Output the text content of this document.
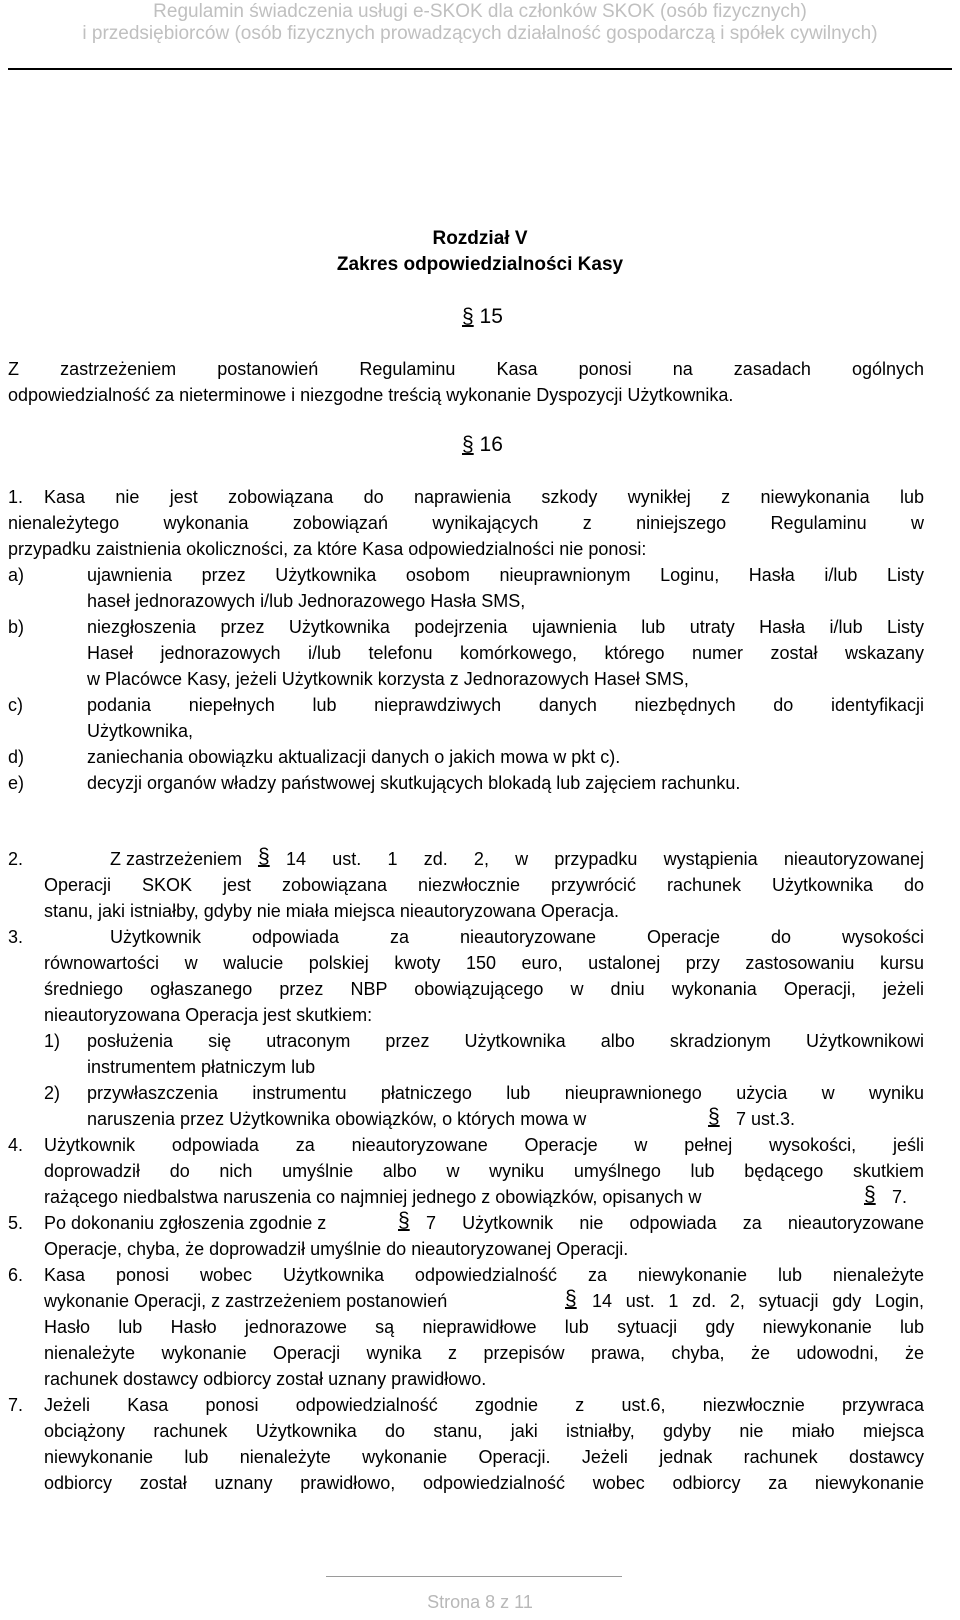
Regulamin świadczenia usługi e-SKOK dla członków SKOK (osób fizycznych)
i przedsiębiorców (osób fizycznych prowadzących działalność gospodarczą i spółek cywilnych)
Rozdział V
Zakres odpowiedzialności Kasy
§ 15
Z zastrzeżeniem postanowień Regulaminu Kasa ponosi na zasadach ogólnych
odpowiedzialność za nieterminowe i niezgodne treścią wykonanie Dyspozycji Użytkownika.
§ 16
1. Kasa nie jest zobowiązana do naprawienia szkody wynikłej z niewykonania lub
nienależytego wykonania zobowiązań wynikających z niniejszego Regulaminu w
przypadku zaistnienia okoliczności, za które Kasa odpowiedzialności nie ponosi:
a)	ujawnienia przez Użytkownika osobom nieuprawnionym Loginu, Hasła i/lub Listy
haseł jednorazowych i/lub Jednorazowego Hasła SMS,
b)	niezgłoszenia przez Użytkownika podejrzenia ujawnienia lub utraty Hasła i/lub Listy
Haseł jednorazowych i/lub telefonu komórkowego, którego numer został wskazany
w Placówce Kasy, jeżeli Użytkownik korzysta z Jednorazowych Haseł SMS,
c)	podania niepełnych lub nieprawdziwych danych niezbędnych do identyfikacji
Użytkownika,
d)	zaniechania obowiązku aktualizacji danych o jakich mowa w pkt c).
e)	decyzji organów władzy państwowej skutkujących blokadą lub zajęciem rachunku.
2.	Z zastrzeżeniem § 14 ust. 1 zd. 2, w przypadku wystąpienia nieautoryzowanej
Operacji SKOK jest zobowiązana niezwłocznie przywrócić rachunek Użytkownika do
stanu, jaki istniałby, gdyby nie miała miejsca nieautoryzowana Operacja.
3.	Użytkownik odpowiada za nieautoryzowane Operacje do wysokości
równowartości w walucie polskiej kwoty 150 euro, ustalonej przy zastosowaniu kursu
średniego ogłaszanego przez NBP obowiązującego w dniu wykonania Operacji, jeżeli
nieautoryzowana Operacja jest skutkiem:
1) posłużenia się utraconym przez Użytkownika albo skradzionym Użytkownikowi
instrumentem płatniczym lub
2) przywłaszczenia instrumentu płatniczego lub nieuprawnionego użycia w wyniku
naruszenia przez Użytkownika obowiązków, o których mowa w	§ 7 ust.3.
4. Użytkownik odpowiada za nieautoryzowane Operacje w pełnej wysokości, jeśli
doprowadził do nich umyślnie albo w wyniku umyślnego lub będącego skutkiem
rażącego niedbalstwa naruszenia co najmniej jednego z obowiązków, opisanych w	§ 7.
5. Po dokonaniu zgłoszenia zgodnie z	§ 7 Użytkownik nie odpowiada za nieautoryzowane
Operacje, chyba, że doprowadził umyślnie do nieautoryzowanej Operacji.
6. Kasa ponosi wobec Użytkownika odpowiedzialność za niewykonanie lub nienależyte
wykonanie Operacji, z zastrzeżeniem postanowień	§ 14 ust. 1 zd. 2, sytuacji gdy Login,
Hasło lub Hasło jednorazowe są nieprawidłowe lub sytuacji gdy niewykonanie lub
nienależyte wykonanie Operacji wynika z przepisów prawa, chyba, że udowodni, że
rachunek dostawcy odbiorcy został uznany prawidłowo.
7. Jeżeli Kasa ponosi odpowiedzialność zgodnie z ust.6, niezwłocznie przywraca
obciążony rachunek Użytkownika do stanu, jaki istniałby, gdyby nie miało miejsca
niewykonanie lub nienależyte wykonanie Operacji. Jeżeli jednak rachunek dostawcy
odbiorcy został uznany prawidłowo, odpowiedzialność wobec odbiorcy za niewykonanie
Strona 8 z 11
